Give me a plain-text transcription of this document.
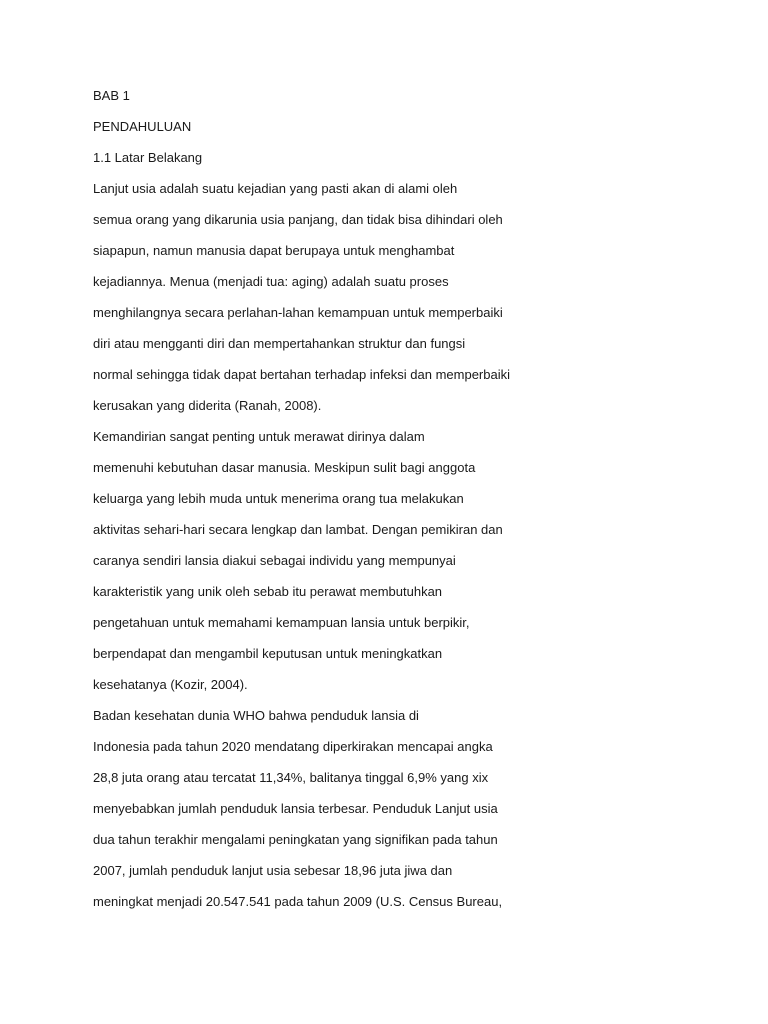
BAB 1
PENDAHULUAN
1.1 Latar Belakang
Lanjut usia adalah suatu kejadian yang pasti akan di alami oleh
semua orang yang dikarunia usia panjang, dan tidak bisa dihindari oleh
siapapun, namun manusia dapat berupaya untuk menghambat
kejadiannya. Menua (menjadi tua: aging) adalah suatu proses
menghilangnya secara perlahan-lahan kemampuan untuk memperbaiki
diri atau mengganti diri dan mempertahankan struktur dan fungsi
normal sehingga tidak dapat bertahan terhadap infeksi dan memperbaiki
kerusakan yang diderita (Ranah, 2008).
Kemandirian sangat penting untuk merawat dirinya dalam
memenuhi kebutuhan dasar manusia. Meskipun sulit bagi anggota
keluarga yang lebih muda untuk menerima orang tua melakukan
aktivitas sehari-hari secara lengkap dan lambat. Dengan pemikiran dan
caranya sendiri lansia diakui sebagai individu yang mempunyai
karakteristik yang unik oleh sebab itu perawat membutuhkan
pengetahuan untuk memahami kemampuan lansia untuk berpikir,
berpendapat dan mengambil keputusan untuk meningkatkan
kesehatanya (Kozir, 2004).
Badan kesehatan dunia WHO bahwa penduduk lansia di
Indonesia pada tahun 2020 mendatang diperkirakan mencapai angka
28,8 juta orang atau tercatat 11,34%, balitanya tinggal 6,9% yang xix
menyebabkan jumlah penduduk lansia terbesar. Penduduk Lanjut usia
dua tahun terakhir mengalami peningkatan yang signifikan pada tahun
2007, jumlah penduduk lanjut usia sebesar 18,96 juta jiwa dan
meningkat menjadi 20.547.541 pada tahun 2009 (U.S. Census Bureau,
